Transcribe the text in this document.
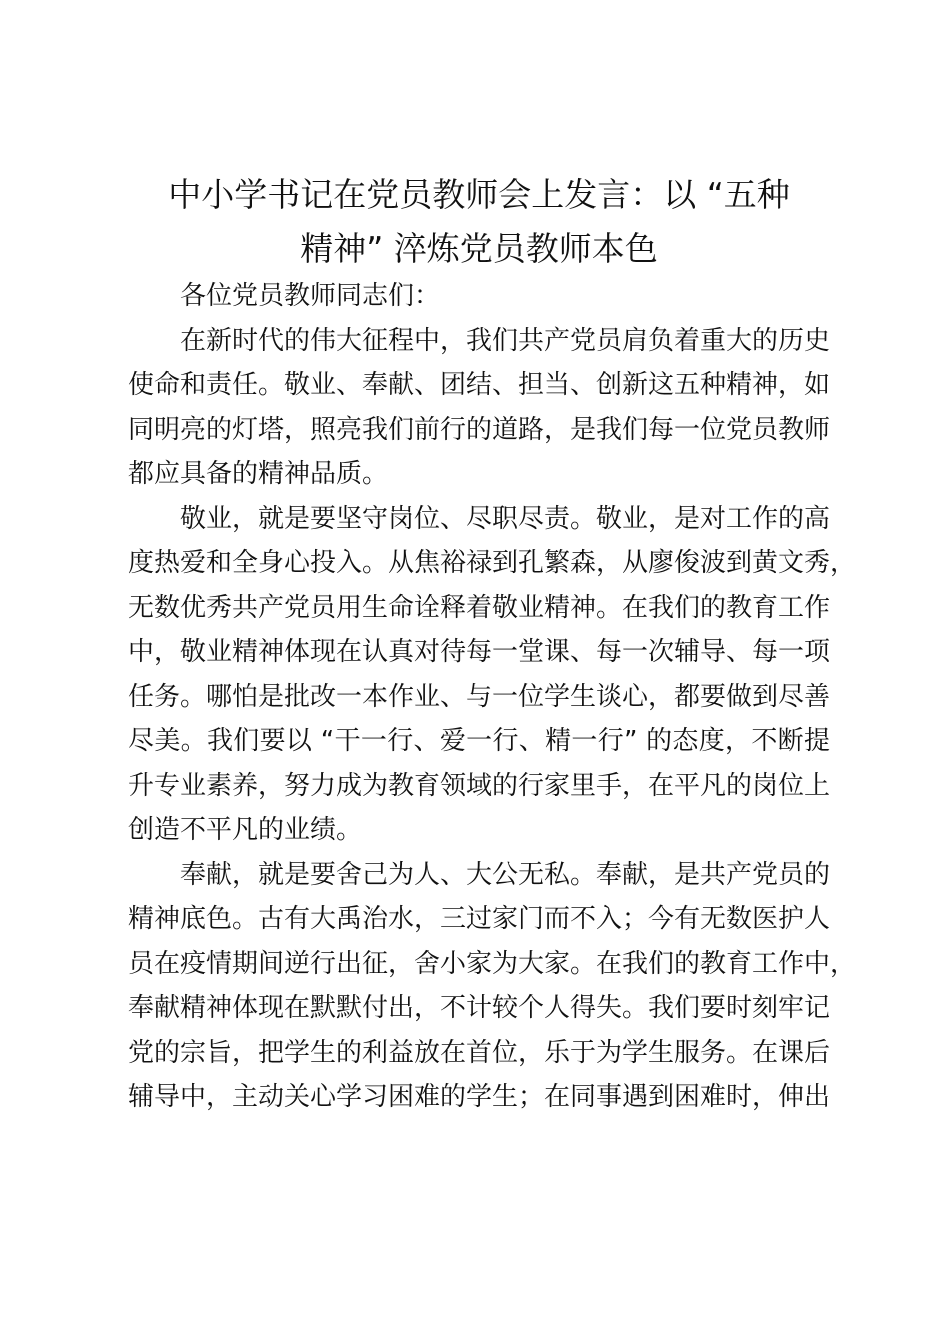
中小学书记在党员教师会上发言：以 “五种
精神” 淬炼党员教师本色
各位党员教师同志们：
在新时代的伟大征程中，我们共产党员肩负着重大的历史
使命和责任。敬业、奉献、团结、担当、创新这五种精神，如
同明亮的灯塔，照亮我们前行的道路，是我们每一位党员教师
都应具备的精神品质。
敬业，就是要坚守岗位、尽职尽责。敬业，是对工作的高
度热爱和全身心投入。从焦裕禄到孔繁森，从廖俊波到黄文秀，
无数优秀共产党员用生命诠释着敬业精神。在我们的教育工作
中，敬业精神体现在认真对待每一堂课、每一次辅导、每一项
任务。哪怕是批改一本作业、与一位学生谈心，都要做到尽善
尽美。我们要以 “干一行、爱一行、精一行” 的态度，不断提
升专业素养，努力成为教育领域的行家里手，在平凡的岗位上
创造不平凡的业绩。
奉献，就是要舍己为人、大公无私。奉献，是共产党员的
精神底色。古有大禹治水，三过家门而不入；今有无数医护人
员在疫情期间逆行出征，舍小家为大家。在我们的教育工作中，
奉献精神体现在默默付出，不计较个人得失。我们要时刻牢记
党的宗旨，把学生的利益放在首位，乐于为学生服务。在课后
辅导中，主动关心学习困难的学生；在同事遇到困难时，伸出
